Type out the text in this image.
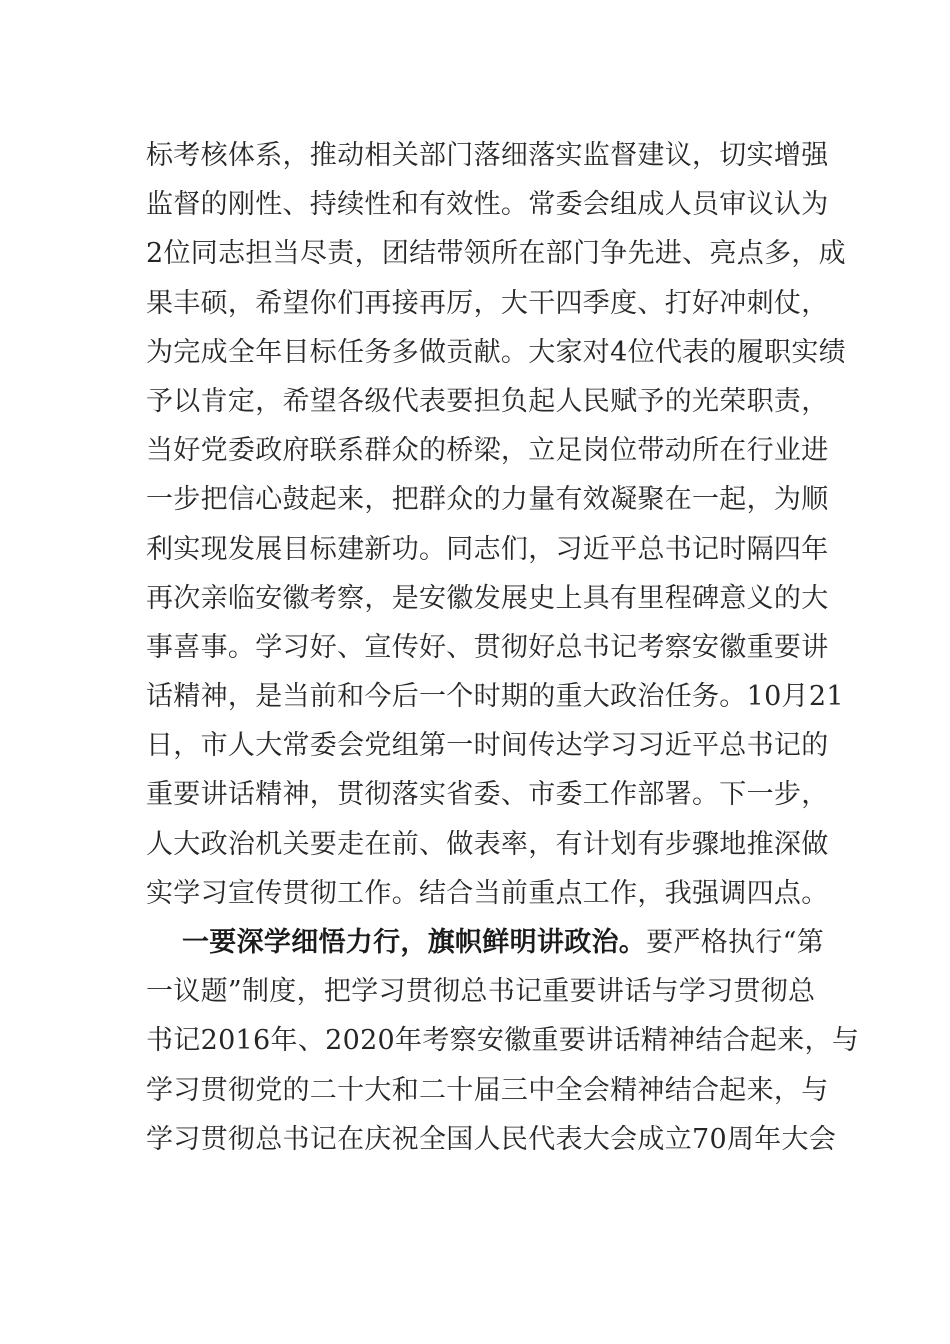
标考核体系，推动相关部门落细落实监督建议，切实增强
监督的刚性、持续性和有效性。常委会组成人员审议认为
2位同志担当尽责，团结带领所在部门争先进、亮点多，成
果丰硕，希望你们再接再厉，大干四季度、打好冲刺仗，
为完成全年目标任务多做贡献。大家对4位代表的履职实绩
予以肯定，希望各级代表要担负起人民赋予的光荣职责，
当好党委政府联系群众的桥梁，立足岗位带动所在行业进
一步把信心鼓起来，把群众的力量有效凝聚在一起，为顺
利实现发展目标建新功。同志们，习近平总书记时隔四年
再次亲临安徽考察，是安徽发展史上具有里程碑意义的大
事喜事。学习好、宣传好、贯彻好总书记考察安徽重要讲
话精神，是当前和今后一个时期的重大政治任务。10月21
日，市人大常委会党组第一时间传达学习习近平总书记的
重要讲话精神，贯彻落实省委、市委工作部署。下一步，
人大政治机关要走在前、做表率，有计划有步骤地推深做
实学习宣传贯彻工作。结合当前重点工作，我强调四点。
一要深学细悟力行，旗帜鲜明讲政治。要严格执行“第
一议题”制度，把学习贯彻总书记重要讲话与学习贯彻总
书记2016年、2020年考察安徽重要讲话精神结合起来，与
学习贯彻党的二十大和二十届三中全会精神结合起来，与
学习贯彻总书记在庆祝全国人民代表大会成立70周年大会
